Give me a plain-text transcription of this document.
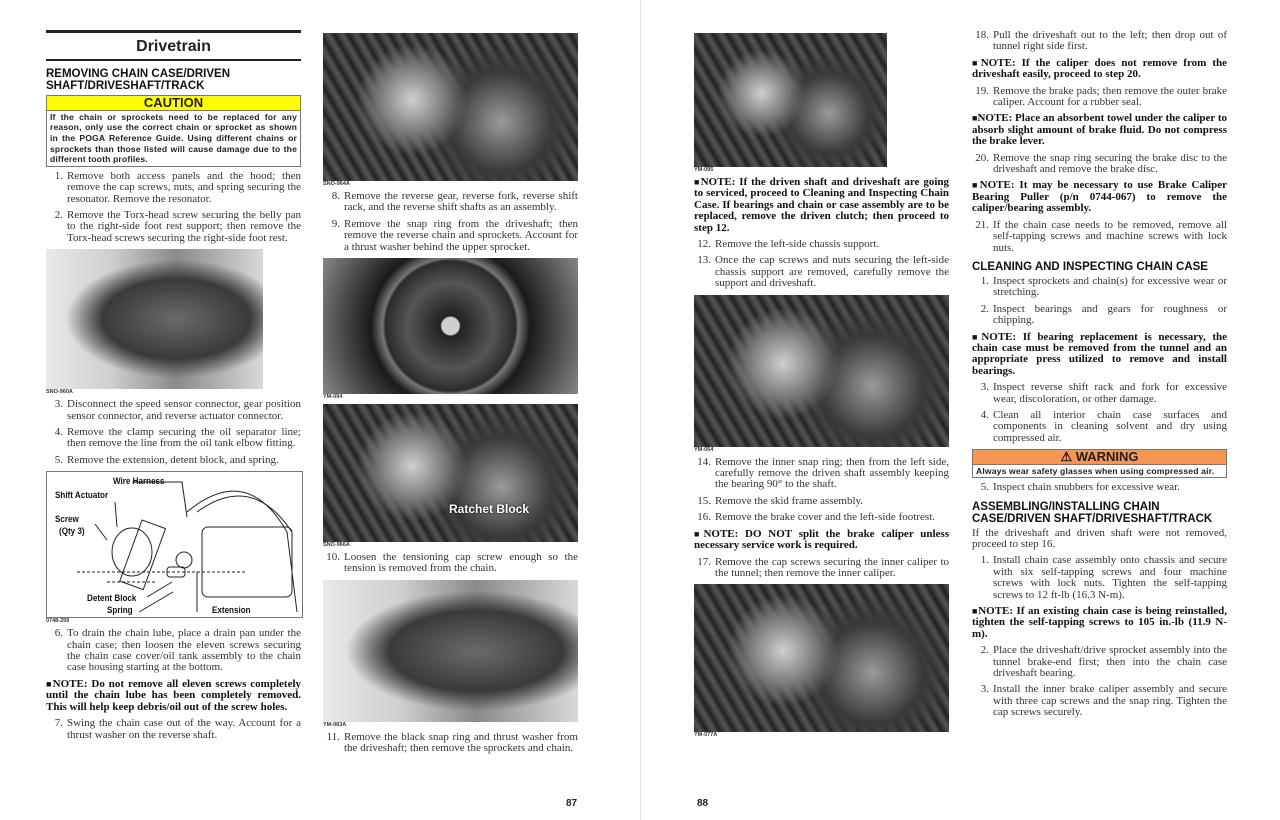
Drivetrain
REMOVING CHAIN CASE/DRIVEN SHAFT/DRIVESHAFT/TRACK
CAUTION
If the chain or sprockets need to be replaced for any reason, only use the correct chain or sprocket as shown in the POGA Reference Guide. Using different chains or sprockets than those listed will cause damage due to the different tooth profiles.
1. Remove both access panels and the hood; then remove the cap screws, nuts, and spring securing the resonator. Remove the resonator.
2. Remove the Torx-head screw securing the belly pan to the right-side foot rest support; then remove the Torx-head screws securing the right-side foot rest.
SNO-960A
3. Disconnect the speed sensor connector, gear position sensor connector, and reverse actuator connector.
4. Remove the clamp securing the oil separator line; then remove the line from the oil tank elbow fitting.
5. Remove the extension, detent block, and spring.
Wire Harness
Shift Actuator
Screw
(Qty 3)
Detent Block
Spring	Extension
0748-259
6. To drain the chain lube, place a drain pan under the chain case; then loosen the eleven screws securing the chain case cover/oil tank assembly to the chain case housing starting at the bottom.
■ NOTE: Do not remove all eleven screws completely until the chain lube has been completely removed. This will help keep debris/oil out of the screw holes.
7. Swing the chain case out of the way. Account for a thrust washer on the reverse shaft.
SNO-964A
8. Remove the reverse gear, reverse fork, reverse shift rack, and the reverse shift shafts as an assembly.
9. Remove the snap ring from the driveshaft; then remove the reverse chain and sprockets. Account for a thrust washer behind the upper sprocket.
YM-094
Ratchet Block
SNO-966A
10. Loosen the tensioning cap screw enough so the tension is removed from the chain.
YM-083A
11. Remove the black snap ring and thrust washer from the driveshaft; then remove the sprockets and chain.
87
YM-095
■ NOTE: If the driven shaft and driveshaft are going to serviced, proceed to Cleaning and Inspecting Chain Case. If bearings and chain or case assembly are to be replaced, remove the driven clutch; then proceed to step 12.
12. Remove the left-side chassis support.
13. Once the cap screws and nuts securing the left-side chassis support are removed, carefully remove the support and driveshaft.
YM-054
14. Remove the inner snap ring; then from the left side, carefully remove the driven shaft assembly keeping the bearing 90° to the shaft.
15. Remove the skid frame assembly.
16. Remove the brake cover and the left-side footrest.
■ NOTE: DO NOT split the brake caliper unless necessary service work is required.
17. Remove the cap screws securing the inner caliper to the tunnel; then remove the inner caliper.
YM-077A
18. Pull the driveshaft out to the left; then drop out of tunnel right side first.
■ NOTE: If the caliper does not remove from the driveshaft easily, proceed to step 20.
19. Remove the brake pads; then remove the outer brake caliper. Account for a rubber seal.
■ NOTE: Place an absorbent towel under the caliper to absorb slight amount of brake fluid. Do not compress the brake lever.
20. Remove the snap ring securing the brake disc to the driveshaft and remove the brake disc.
■ NOTE: It may be necessary to use Brake Caliper Bearing Puller (p/n 0744-067) to remove the caliper/bearing assembly.
21. If the chain case needs to be removed, remove all self-tapping screws and machine screws with lock nuts.
CLEANING AND INSPECTING CHAIN CASE
1. Inspect sprockets and chain(s) for excessive wear or stretching.
2. Inspect bearings and gears for roughness or chipping.
■ NOTE: If bearing replacement is necessary, the chain case must be removed from the tunnel and an appropriate press utilized to remove and install bearings.
3. Inspect reverse shift rack and fork for excessive wear, discoloration, or other damage.
4. Clean all interior chain case surfaces and components in cleaning solvent and dry using compressed air.
⚠ WARNING
Always wear safety glasses when using compressed air.
5. Inspect chain snubbers for excessive wear.
ASSEMBLING/INSTALLING CHAIN CASE/DRIVEN SHAFT/DRIVESHAFT/TRACK
If the driveshaft and driven shaft were not removed, proceed to step 16.
1. Install chain case assembly onto chassis and secure with six self-tapping screws and four machine screws with lock nuts. Tighten the self-tapping screws to 12 ft-lb (16.3 N-m).
■ NOTE: If an existing chain case is being reinstalled, tighten the self-tapping screws to 105 in.-lb (11.9 N-m).
2. Place the driveshaft/drive sprocket assembly into the tunnel brake-end first; then into the chain case driveshaft bearing.
3. Install the inner brake caliper assembly and secure with three cap screws and the snap ring. Tighten the cap screws securely.
88
